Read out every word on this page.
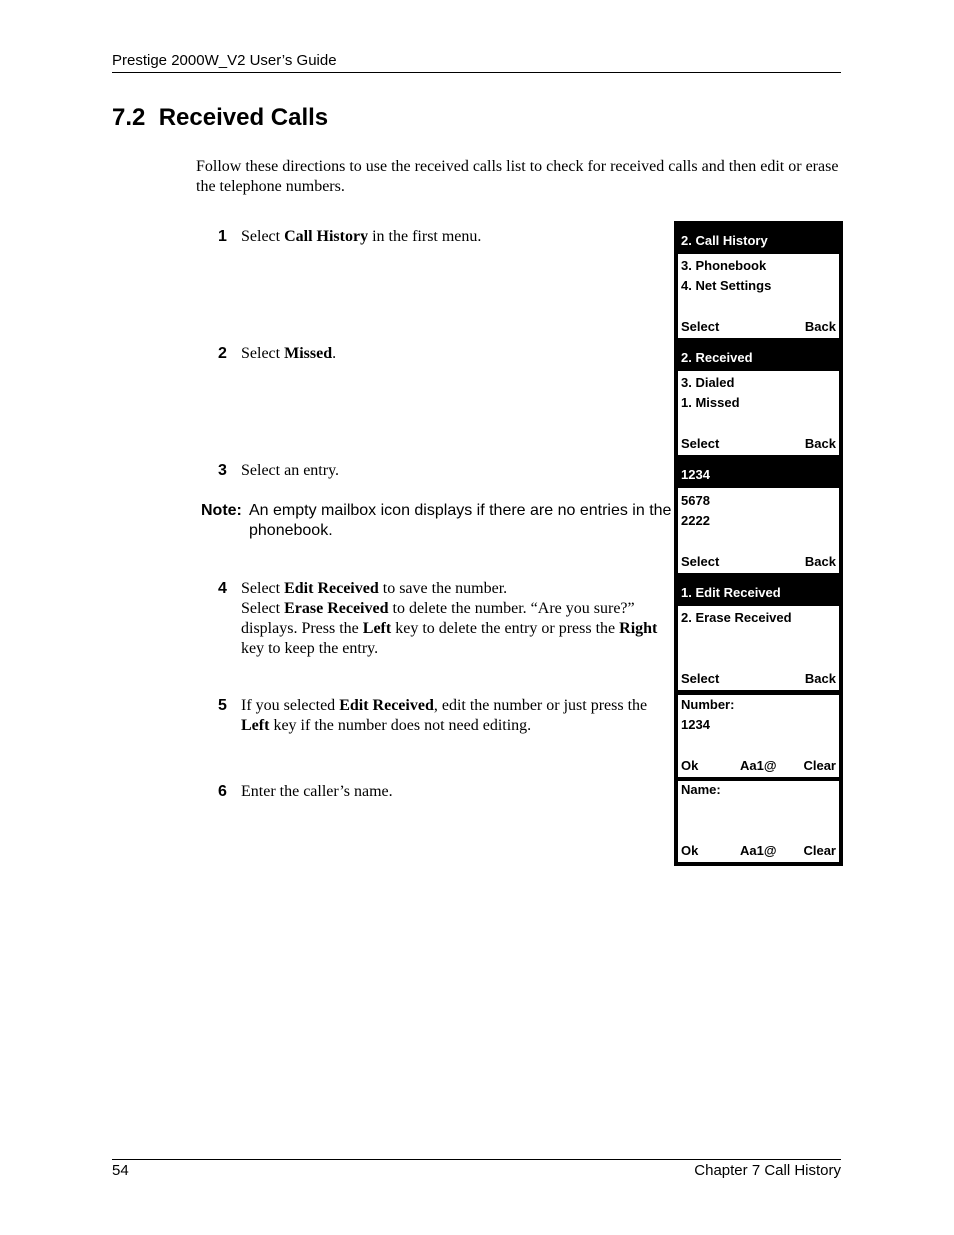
Prestige 2000W_V2 User’s Guide
7.2  Received Calls
Follow these directions to use the received calls list to check for received calls and then edit or erase the telephone numbers.
1 Select Call History in the first menu.
2 Select Missed.
3 Select an entry.
Note: An empty mailbox icon displays if there are no entries in the phonebook.
4 Select Edit Received to save the number.
Select Erase Received to delete the number. “Are you sure?” displays. Press the Left key to delete the entry or press the Right key to keep the entry.
5 If you selected Edit Received, edit the number or just press the Left key if the number does not need editing.
6 Enter the caller’s name.
2. Call History
3. Phonebook
4. Net Settings
Select	Back
2. Received
3. Dialed
1. Missed
Select	Back
1234
5678
2222
Select	Back
1. Edit Received
2. Erase Received
Select	Back
Number:
1234
Ok	Aa1@ Clear
Name:
Ok	Aa1@ Clear
54	Chapter 7 Call History
